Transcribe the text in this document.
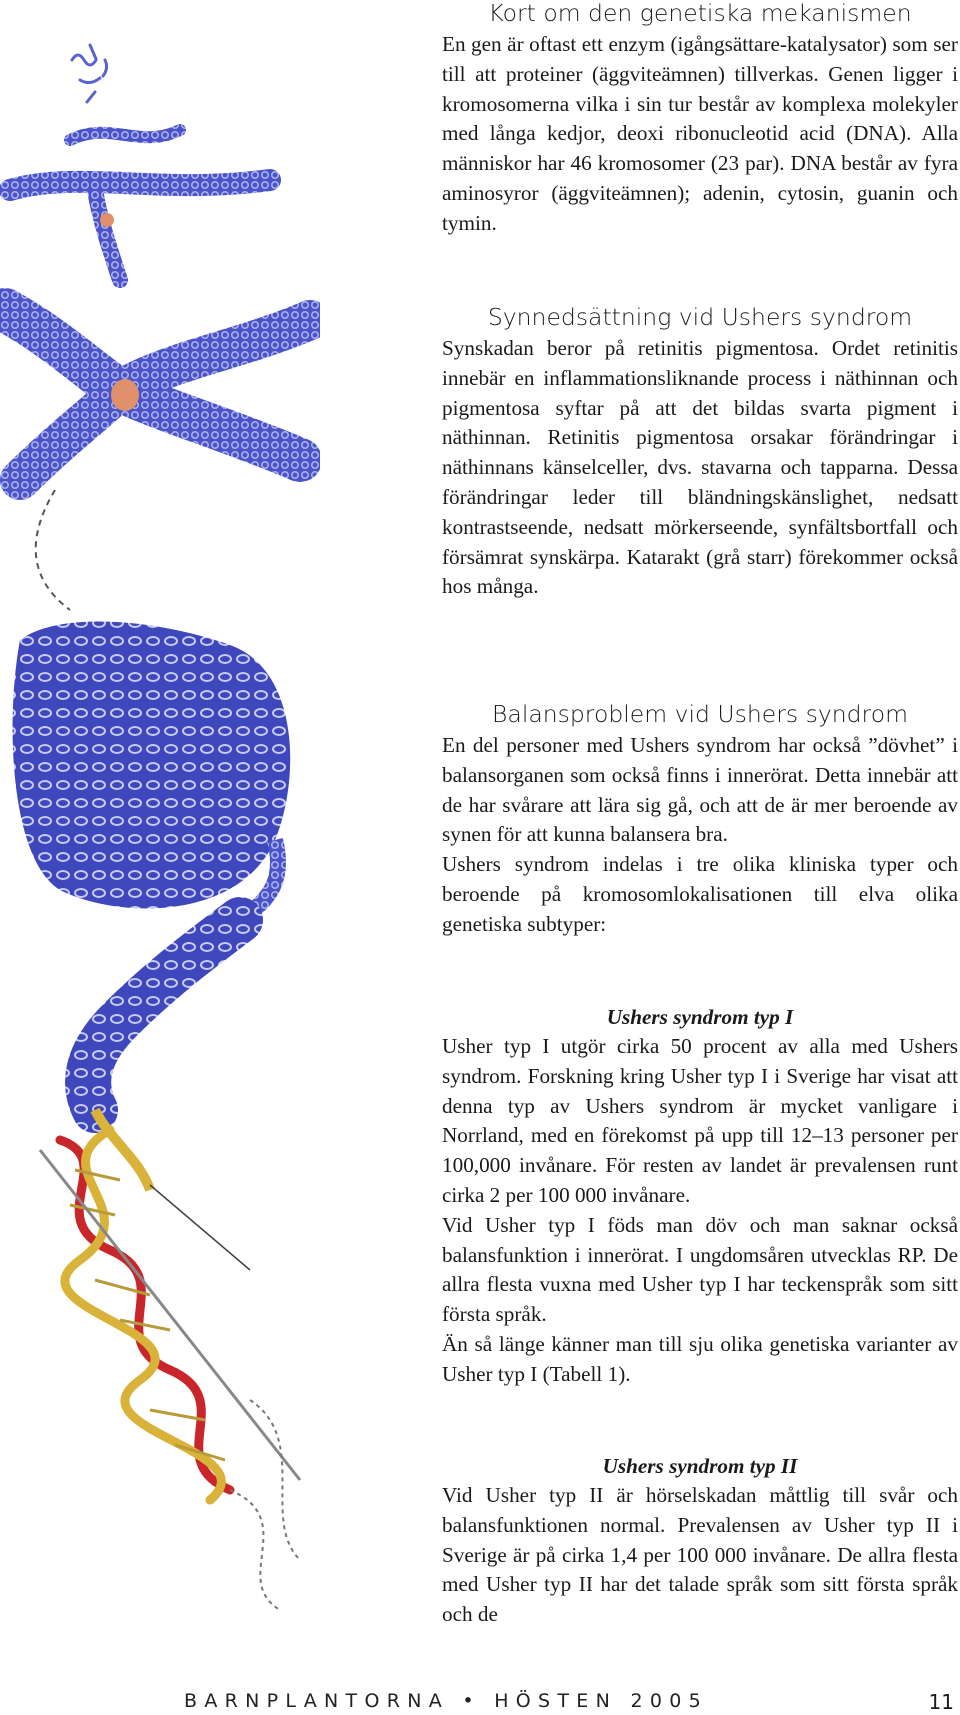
Kort om den genetiska mekanismen

En gen är oftast ett enzym (igångsättare-katalysator) som ser till att proteiner (äggviteämnen) tillverkas. Genen ligger i kromosomerna vilka i sin tur består av komplexa molekyler med långa kedjor, deoxi ribonucleotid acid (DNA). Alla människor har 46 kromosomer (23 par). DNA består av fyra aminosyror (äggviteämnen); adenin, cytosin, guanin och tymin.

Synnedsättning vid Ushers syndrom

Synskadan beror på retinitis pigmentosa. Ordet retinitis innebär en inflammationsliknande process i näthinnan och pigmentosa syftar på att det bildas svarta pigment i näthinnan. Retinitis pigmentosa orsakar förändringar i näthinnans känselceller, dvs. stavarna och tapparna. Dessa förändringar leder till bländningskänslighet, nedsatt kontrastseende, nedsatt mörkerseende, synfältsbortfall och försämrat synskärpa. Katarakt (grå starr) förekommer också hos många.

Balansproblem vid Ushers syndrom

En del personer med Ushers syndrom har också ”dövhet” i balansorganen som också finns i innerörat. Detta innebär att de har svårare att lära sig gå, och att de är mer beroende av synen för att kunna balansera bra.

Ushers syndrom indelas i tre olika kliniska typer och beroende på kromosomlokalisationen till elva olika genetiska subtyper:

Ushers syndrom typ I

Usher typ I utgör cirka 50 procent av alla med Ushers syndrom. Forskning kring Usher typ I i Sverige har visat att denna typ av Ushers syndrom är mycket vanligare i Norrland, med en förekomst på upp till 12–13 personer per 100,000 invånare. För resten av landet är prevalensen runt cirka 2 per 100 000 invånare.

Vid Usher typ I föds man döv och man saknar också balansfunktion i innerörat. I ungdomsåren utvecklas RP. De allra flesta vuxna med Usher typ I har teckenspråk som sitt första språk.

Än så länge känner man till sju olika genetiska varianter av Usher typ I (Tabell 1).

Ushers syndrom typ II

Vid Usher typ II är hörselskadan måttlig till svår och balansfunktionen normal. Prevalensen av Usher typ II i Sverige är på cirka 1,4 per 100 000 invånare. De allra flesta med Usher typ II har det talade språk som sitt första språk och de

BARNPLANTORNA • HÖSTEN 2005	11
